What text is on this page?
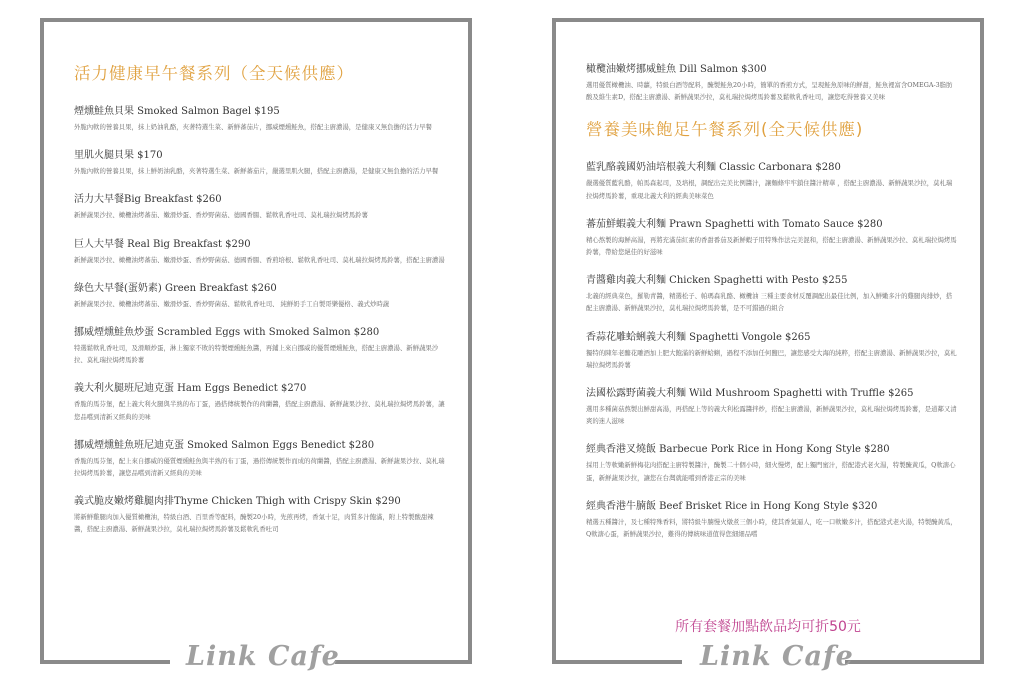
活力健康早午餐系列（全天候供應）
煙燻鮭魚貝果 Smoked Salmon Bagel $195
外脆內軟的營養貝果，抹上奶油乳酪，夾著特選生菜、新鮮蕃茄片，挪威煙燻鮭魚，搭配主廚濃湯，是健康又無負擔的活力早餐
里肌火腿貝果 $170
外脆內軟的營養貝果，抹上鮮奶油乳酪，夾著特選生菜、新鮮蕃茄片，嚴選里肌火腿，搭配主廚濃湯，是健康又無負擔的活力早餐
活力大早餐Big Breakfast $260
新鮮蔬果沙拉、橄欖油烤蕃茄、嫩滑炒蛋、香炒野菌菇、德國香腸、鬆軟乳香吐司、莫札瑞拉焗烤馬鈴薯
巨人大早餐 Real Big Breakfast $290
新鮮蔬果沙拉、橄欖油烤蕃茄、嫩滑炒蛋、香炒野菌菇、德國香腸、香煎培根、鬆軟乳香吐司、莫札瑞拉焗烤馬鈴薯，搭配主廚濃湯
綠色大早餐(蛋奶素) Green Breakfast $260
新鮮蔬果沙拉、橄欖油烤蕃茄、嫩滑炒蛋、香炒野菌菇、鬆軟乳香吐司、 純鮮奶手工自製哥樂優格、義式炒時蔬
挪威煙燻鮭魚炒蛋 Scrambled Eggs with Smoked Salmon $280
特選鬆軟乳香吐司，及滑順炒蛋，淋上獨家不敗的特製煙燻鮭魚醬，再鋪上來自挪威的優質煙燻鮭魚，搭配主廚濃湯、新鮮蔬果沙拉、莫札瑞拉焗烤馬鈴薯
義大利火腿班尼迪克蛋 Ham Eggs Benedict $270
香脆的馬芬堡，配上義大利火腿與半熟的布丁蛋，過搭傳統製作的荷蘭醬，搭配主廚濃湯、新鮮蔬果沙拉、莫札瑞拉焗烤馬鈴薯，讓您品嚐到清新又經典的美味
挪威煙燻鮭魚班尼迪克蛋 Smoked Salmon Eggs Benedict $280
香脆的馬芬堡，配上來自挪威的優質煙燻鮭魚與半熟的布丁蛋，過搭傳統製作而成的荷蘭醬，搭配主廚濃湯、新鮮蔬果沙拉、莫札瑞拉焗烤馬鈴薯，讓您品嚐到清新又經典的美味
義式脆皮嫩烤雞腿肉排Thyme Chicken Thigh with Crispy Skin $290
將新鮮雞腿肉加入優質橄欖油，特級白酒、百里香等配料，醃製20小時，先煎再烤，香氣十足，肉質多汁飽滿，附上特製酸甜辣醬，搭配主廚濃湯、新鮮蔬果沙拉，莫札瑞拉焗烤馬鈴薯及鬆軟乳香吐司
Link Cafe
橄欖油嫩烤挪威鮭魚 Dill Salmon $300
選用優質橄欖油、時蘿，特級白酒等配料，醃製鮭魚20小時，簡單的香煎方式，呈現鮭魚原味的鮮甜，鮭魚裡富含OMEGA-3脂肪酸及維生素D，搭配主廚濃湯、新鮮蔬果沙拉，莫札瑞拉焗烤馬鈴薯及鬆軟乳香吐司，讓您吃得營養又美味
營養美味飽足午餐系列(全天候供應)
藍乳酪義國奶油培根義大利麵 Classic Carbonara $280
嚴選優質藍乳酪，帕馬森起司，及培根，調配出完美比例醬汁，讓麵條牢牢鎖住醬汁精華 ，搭配主廚濃湯、新鮮蔬果沙拉，莫札瑞拉焗烤馬鈴薯，重現北義大利的經典美味菜色
蕃茄鮮蝦義大利麵 Prawn Spaghetti with Tomato Sauce $280
精心熬製的海鮮高湯，再將充滿茄紅素的香甜番茄及新鮮蝦子用特殊作法完美混和，搭配主廚濃湯、新鮮蔬果沙拉、莫札瑞拉焗烤馬鈴薯，帶給您絕佳的好滋味
青醬雞肉義大利麵 Chicken Spaghetti with Pesto $255
北義的經典菜色，羅勒青醬，精選松子、帕瑪森乳酪、橄欖油 三種主要食材反覆調配出最佳比例，加入鮮嫩多汁的雞腿肉排炒，搭配主廚濃湯、新鮮蔬果沙拉，莫札瑞拉焗烤馬鈴薯，是不可錯過的組合
香蒜花雕蛤蜊義大利麵 Spaghetti Vongole $265
獨特的陳年老醣花雕酒加上肥大飽滿的新鮮蛤蜊，過程不添加任何鹽巴，讓您感受大海的純粹，搭配主廚濃湯、新鮮蔬果沙拉，莫札瑞拉焗烤馬鈴薯
法國松露野菌義大利麵 Wild Mushroom Spaghetti with Truffle $265
選用多種菌菇熬製出鮮甜高湯，再搭配上等的義大利松露醬拌炒，搭配主廚濃湯，新鮮蔬果沙拉，莫札瑞拉焗烤馬鈴薯，是道鄰又清爽的迷人滋味
經典香港叉燒飯 Barbecue Pork Rice in Hong Kong Style $280
採用上等軟嫩新鮮梅花肉搭配主廚特製醬汁，醃製二十個小時，細火慢烤，配上獨門蜜汁，搭配港式老火湯，特製醃黃瓜，Q軟溏心蛋，新鮮蔬果沙拉，讓您在台灣就能嚐到香港正宗的美味
經典香港牛腩飯 Beef Brisket Rice in Hong Kong Style $320
精選五種醬汁，及七種特殊香料，將特級牛腩慢火燉煮三個小時，使其香氣逼人，吃一口軟嫩多汁，搭配港式老火湯，特製醃黃瓜，Q軟溏心蛋，新鮮蔬果沙拉，難得的傳統味道值得您細細品嚐
所有套餐加點飲品均可折50元
Link Cafe
